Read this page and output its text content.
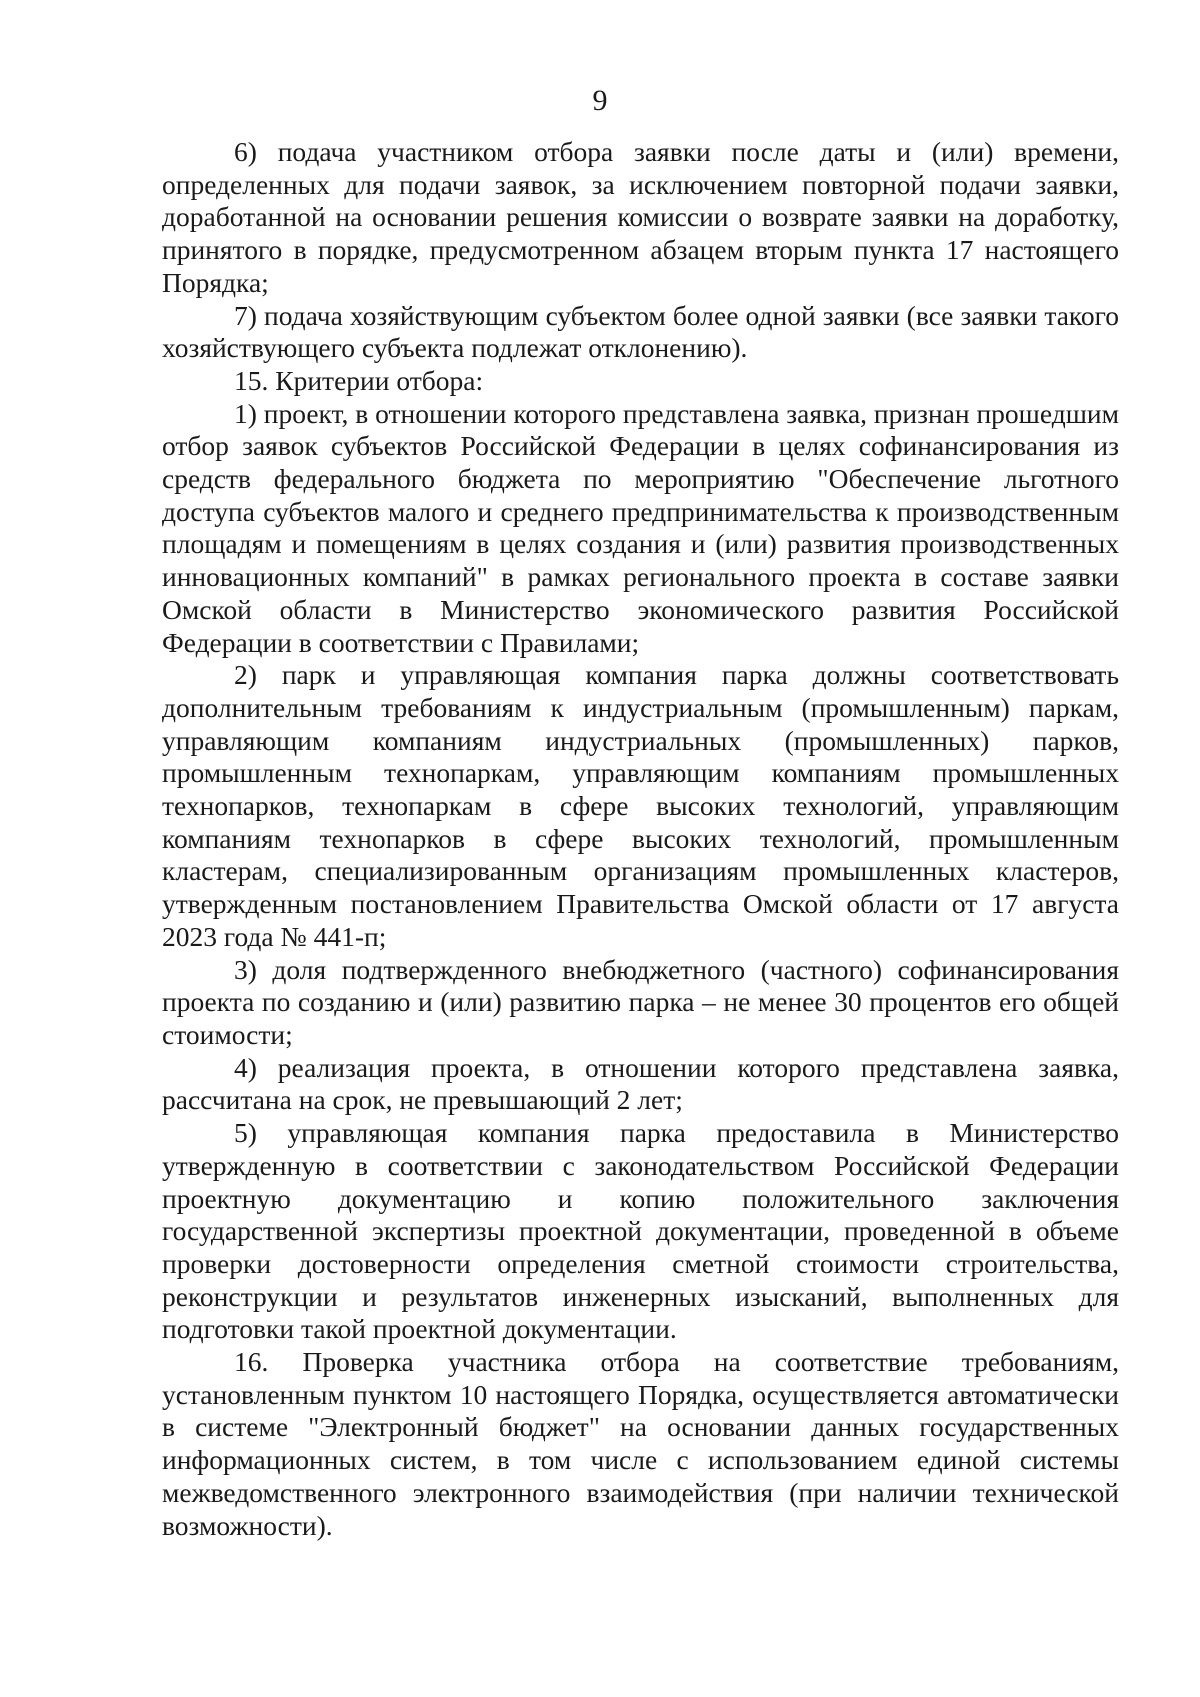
9

6) подача участником отбора заявки после даты и (или) времени, определенных для подачи заявок, за исключением повторной подачи заявки, доработанной на основании решения комиссии о возврате заявки на доработку, принятого в порядке, предусмотренном абзацем вторым пункта 17 настоящего Порядка;

7) подача хозяйствующим субъектом более одной заявки (все заявки такого хозяйствующего субъекта подлежат отклонению).

15. Критерии отбора:

1) проект, в отношении которого представлена заявка, признан прошедшим отбор заявок субъектов Российской Федерации в целях софинансирования из средств федерального бюджета по мероприятию "Обеспечение льготного доступа субъектов малого и среднего предпринимательства к производственным площадям и помещениям в целях создания и (или) развития производственных инновационных компаний" в рамках регионального проекта в составе заявки Омской области в Министерство экономического развития Российской Федерации в соответствии с Правилами;

2) парк и управляющая компания парка должны соответствовать дополнительным требованиям к индустриальным (промышленным) паркам, управляющим компаниям индустриальных (промышленных) парков, промышленным технопаркам, управляющим компаниям промышленных технопарков, технопаркам в сфере высоких технологий, управляющим компаниям технопарков в сфере высоких технологий, промышленным кластерам, специализированным организациям промышленных кластеров, утвержденным постановлением Правительства Омской области от 17 августа 2023 года № 441-п;

3) доля подтвержденного внебюджетного (частного) софинансирования проекта по созданию и (или) развитию парка – не менее 30 процентов его общей стоимости;

4) реализация проекта, в отношении которого представлена заявка, рассчитана на срок, не превышающий 2 лет;

5) управляющая компания парка предоставила в Министерство утвержденную в соответствии с законодательством Российской Федерации проектную документацию и копию положительного заключения государственной экспертизы проектной документации, проведенной в объеме проверки достоверности определения сметной стоимости строительства, реконструкции и результатов инженерных изысканий, выполненных для подготовки такой проектной документации.

16. Проверка участника отбора на соответствие требованиям, установленным пунктом 10 настоящего Порядка, осуществляется автоматически в системе "Электронный бюджет" на основании данных государственных информационных систем, в том числе с использованием единой системы межведомственного электронного взаимодействия (при наличии технической возможности).
